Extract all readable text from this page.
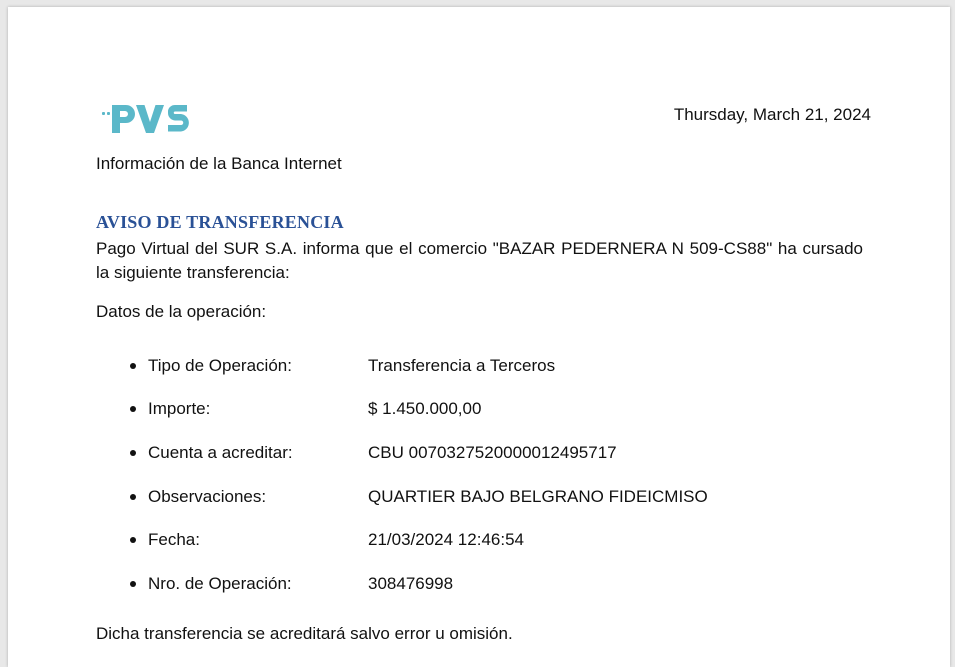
Thursday, March 21, 2024
Información de la Banca Internet
AVISO DE TRANSFERENCIA
Pago Virtual del SUR S.A. informa que el comercio "BAZAR PEDERNERA N 509-CS88" ha cursado la siguiente transferencia:
Datos de la operación:
Tipo de Operación:	Transferencia a Terceros
Importe:	$ 1.450.000,00
Cuenta a acreditar:	CBU 0070327520000012495717
Observaciones:	QUARTIER BAJO BELGRANO FIDEICMISO
Fecha:	21/03/2024 12:46:54
Nro. de Operación:	308476998
Dicha transferencia se acreditará salvo error u omisión.
